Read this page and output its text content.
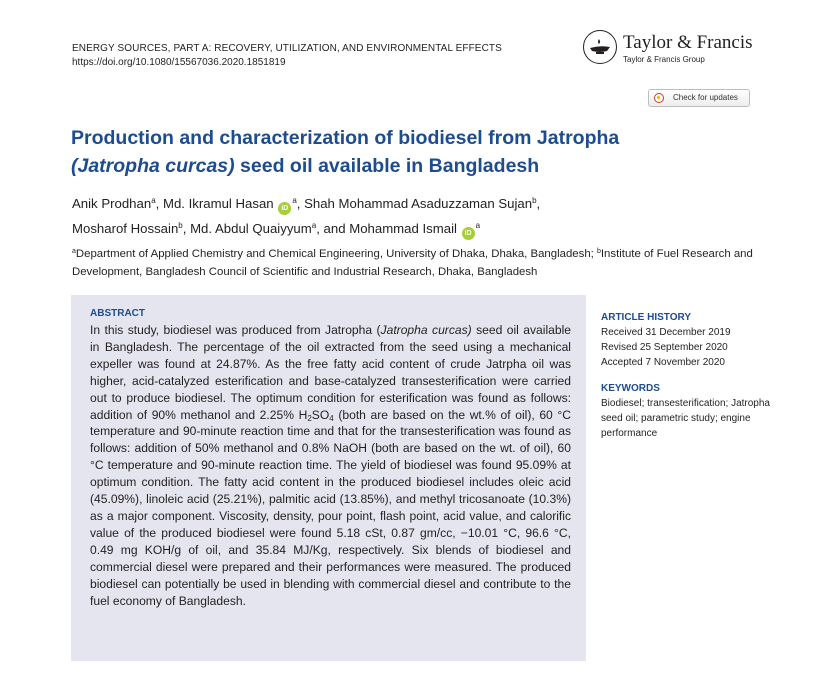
ENERGY SOURCES, PART A: RECOVERY, UTILIZATION, AND ENVIRONMENTAL EFFECTS
https://doi.org/10.1080/15567036.2020.1851819
Taylor & Francis
Taylor & Francis Group
Check for updates
Production and characterization of biodiesel from Jatropha
(Jatropha curcas) seed oil available in Bangladesh
Anik Prodhan$^a$, Md. Ikramul Hasan $iD^a$, Shah Mohammad Asaduzzaman Sujan$^b$,
Mosharof Hossain$^b$, Md. Abdul Quaiyyum$^a$, and Mohammad Ismail $iD^a$
$^a$Department of Applied Chemistry and Chemical Engineering, University of Dhaka, Dhaka, Bangladesh; $^b$Institute of Fuel Research and Development, Bangladesh Council of Scientific and Industrial Research, Dhaka, Bangladesh
ABSTRACT

In this study, biodiesel was produced from Jatropha (Jatropha curcas) seed oil available in Bangladesh. The percentage of the oil extracted from the seed using a mechanical expeller was found at 24.87%. As the free fatty acid content of crude Jatrpha oil was higher, acid-catalyzed esterification and base-catalyzed transesterification were carried out to produce biodiesel. The optimum condition for esterification was found as follows: addition of 90% methanol and 2.25% $H_2SO_4$ (both are based on the wt.% of oil), 60 °C temperature and 90-minute reaction time and that for the transesterification was found as follows: addition of 50% methanol and 0.8% NaOH (both are based on the wt. of oil), 60 °C temperature and 90-minute reaction time. The yield of biodiesel was found 95.09% at optimum condition. The fatty acid content in the produced biodiesel includes oleic acid (45.09%), linoleic acid (25.21%), palmitic acid (13.85%), and methyl tricosanoate (10.3%) as a major component. Viscosity, density, pour point, flash point, acid value, and calorific value of the produced biodiesel were found 5.18 cSt, 0.87 gm/cc, −10.01 °C, 96.6 °C, 0.49 mg KOH/g of oil, and 35.84 MJ/Kg, respectively. Six blends of biodiesel and commercial diesel were prepared and their performances were measured. The produced biodiesel can potentially be used in blending with commercial diesel and contribute to the fuel economy of Bangladesh.

ARTICLE HISTORY
Received 31 December 2019
Revised 25 September 2020
Accepted 7 November 2020
KEYWORDS
Biodiesel; transesterification; Jatropha seed oil; parametric study; engine performance
